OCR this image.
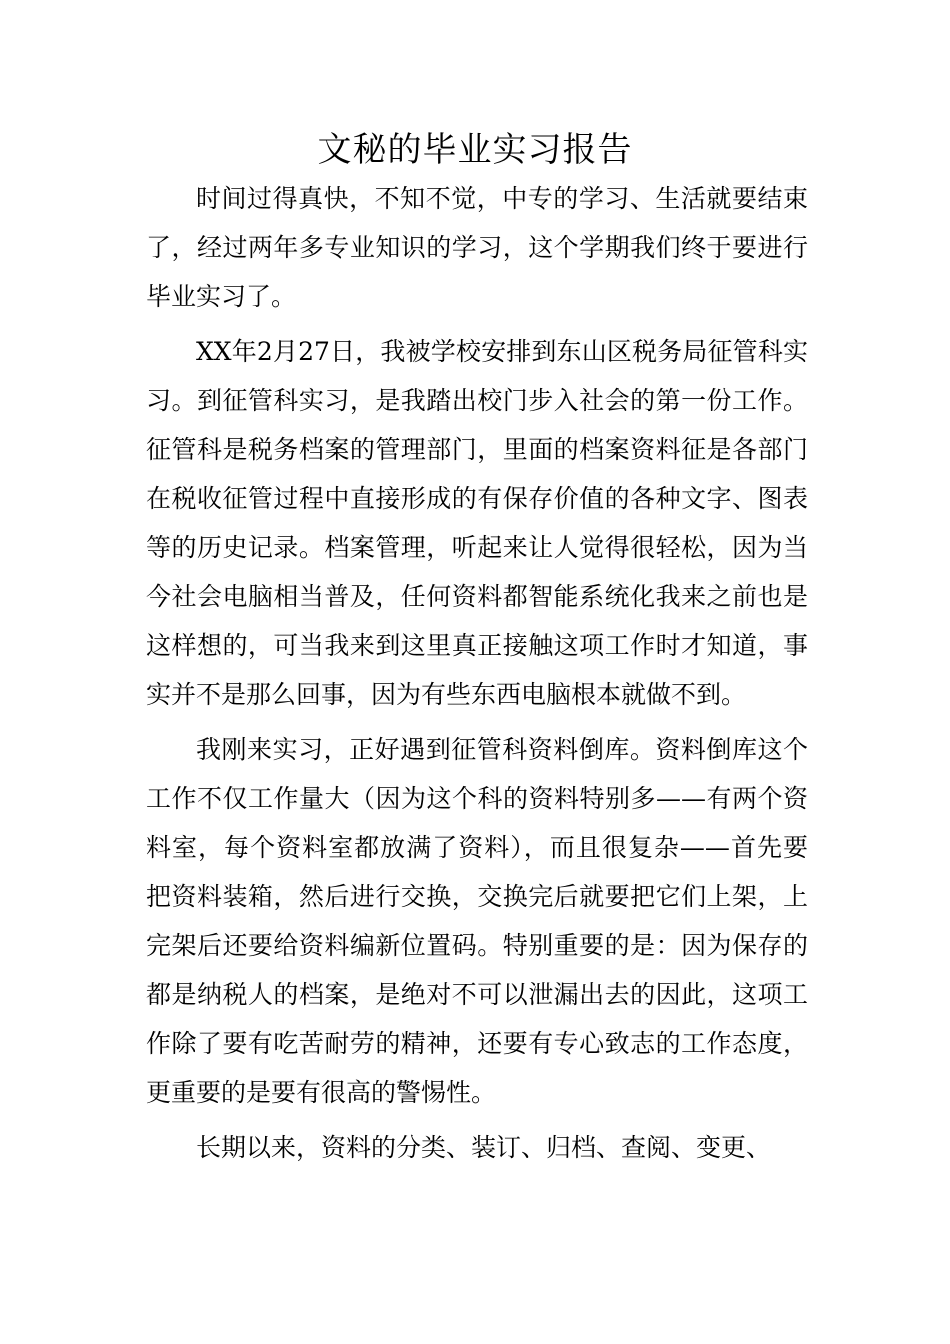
文秘的毕业实习报告

时间过得真快，不知不觉，中专的学习、生活就要结束了，经过两年多专业知识的学习，这个学期我们终于要进行毕业实习了。

XX年2月27日，我被学校安排到东山区税务局征管科实习。到征管科实习，是我踏出校门步入社会的第一份工作。征管科是税务档案的管理部门，里面的档案资料征是各部门在税收征管过程中直接形成的有保存价值的各种文字、图表等的历史记录。档案管理，听起来让人觉得很轻松，因为当今社会电脑相当普及，任何资料都智能系统化我来之前也是这样想的，可当我来到这里真正接触这项工作时才知道，事实并不是那么回事，因为有些东西电脑根本就做不到。

我刚来实习，正好遇到征管科资料倒库。资料倒库这个工作不仅工作量大（因为这个科的资料特别多——有两个资料室，每个资料室都放满了资料），而且很复杂——首先要把资料装箱，然后进行交换，交换完后就要把它们上架，上完架后还要给资料编新位置码。特别重要的是：因为保存的都是纳税人的档案，是绝对不可以泄漏出去的因此，这项工作除了要有吃苦耐劳的精神，还要有专心致志的工作态度，更重要的是要有很高的警惕性。

长期以来，资料的分类、装订、归档、查阅、变更、
